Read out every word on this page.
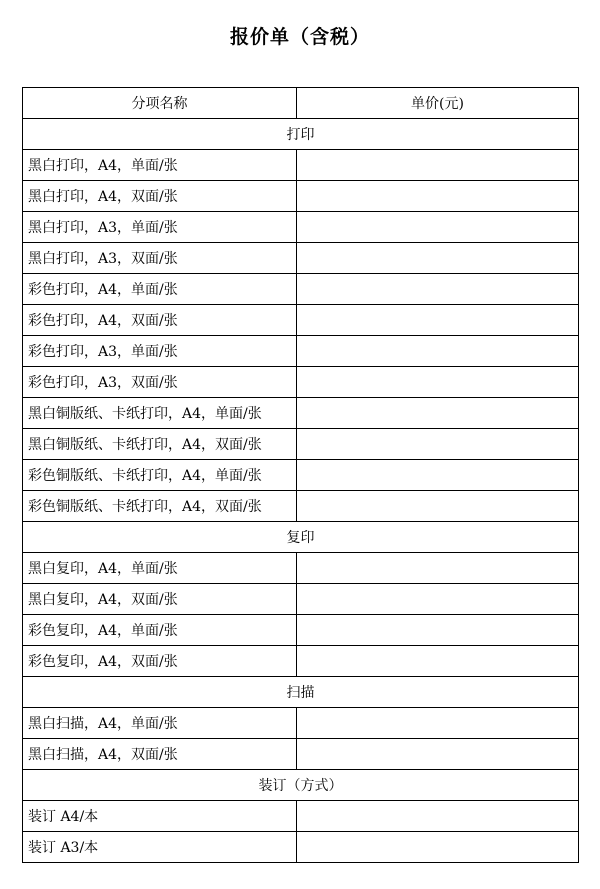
报价单（含税）
分项名称	单价(元)
打印	
黑白打印，A4，单面/张	
黑白打印，A4，双面/张	
黑白打印，A3，单面/张	
黑白打印，A3，双面/张	
彩色打印，A4，单面/张	
彩色打印，A4，双面/张	
彩色打印，A3，单面/张	
彩色打印，A3，双面/张	
黑白铜版纸、卡纸打印，A4，单面/张	
黑白铜版纸、卡纸打印，A4，双面/张	
彩色铜版纸、卡纸打印，A4，单面/张	
彩色铜版纸、卡纸打印，A4，双面/张	
复印	
黑白复印，A4，单面/张	
黑白复印，A4，双面/张	
彩色复印，A4，单面/张	
彩色复印，A4，双面/张	
扫描	
黑白扫描，A4，单面/张	
黑白扫描，A4，双面/张	
装订（方式）	
装订 A4/本	
装订 A3/本	
